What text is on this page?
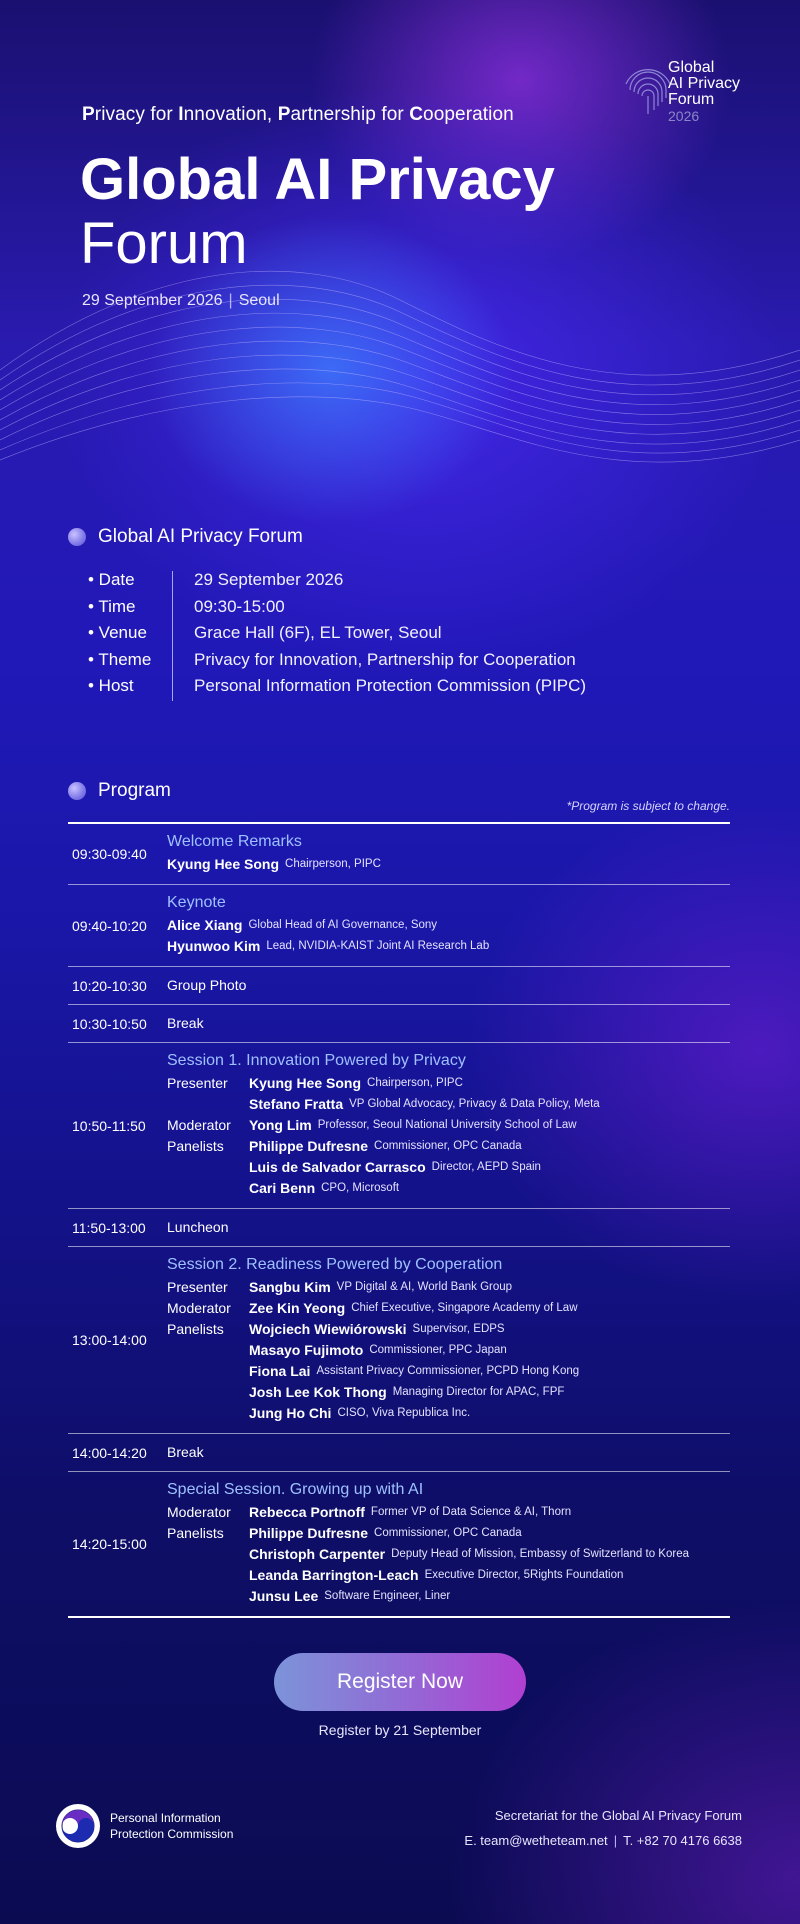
Global
AI Privacy
Forum
2026
Privacy for Innovation, Partnership for Cooperation
Global AI Privacy
Forum
29 September 2026 | Seoul
Global AI Privacy Forum
• Date	29 September 2026
• Time	09:30-15:00
• Venue	Grace Hall (6F), EL Tower, Seoul
• Theme	Privacy for Innovation, Partnership for Cooperation
• Host	Personal Information Protection Commission (PIPC)
Program
*Program is subject to change.
09:30-09:40
Welcome Remarks
Kyung Hee Song Chairperson, PIPC
09:40-10:20
Keynote
Alice Xiang Global Head of AI Governance, Sony
Hyunwoo Kim Lead, NVIDIA-KAIST Joint AI Research Lab
10:20-10:30	Group Photo
10:30-10:50	Break
10:50-11:50
Session 1. Innovation Powered by Privacy
Presenter	Kyung Hee Song Chairperson, PIPC
Stefano Fratta VP Global Advocacy, Privacy & Data Policy, Meta
Moderator	Yong Lim Professor, Seoul National University School of Law
Panelists	Philippe Dufresne Commissioner, OPC Canada
Luis de Salvador Carrasco Director, AEPD Spain
Cari Benn CPO, Microsoft
11:50-13:00	Luncheon
13:00-14:00
Session 2. Readiness Powered by Cooperation
Presenter	Sangbu Kim VP Digital & AI, World Bank Group
Moderator	Zee Kin Yeong Chief Executive, Singapore Academy of Law
Panelists	Wojciech Wiewiórowski Supervisor, EDPS
Masayo Fujimoto Commissioner, PPC Japan
Fiona Lai Assistant Privacy Commissioner, PCPD Hong Kong
Josh Lee Kok Thong Managing Director for APAC, FPF
Jung Ho Chi CISO, Viva Republica Inc.
14:00-14:20	Break
14:20-15:00
Special Session. Growing up with AI
Moderator	Rebecca Portnoff Former VP of Data Science & AI, Thorn
Panelists	Philippe Dufresne Commissioner, OPC Canada
Christoph Carpenter Deputy Head of Mission, Embassy of Switzerland to Korea
Leanda Barrington-Leach Executive Director, 5Rights Foundation
Junsu Lee Software Engineer, Liner
Register Now
Register by 21 September
Personal Information
Protection Commission
Secretariat for the Global AI Privacy Forum
E. team@wetheteam.net | T. +82 70 4176 6638
